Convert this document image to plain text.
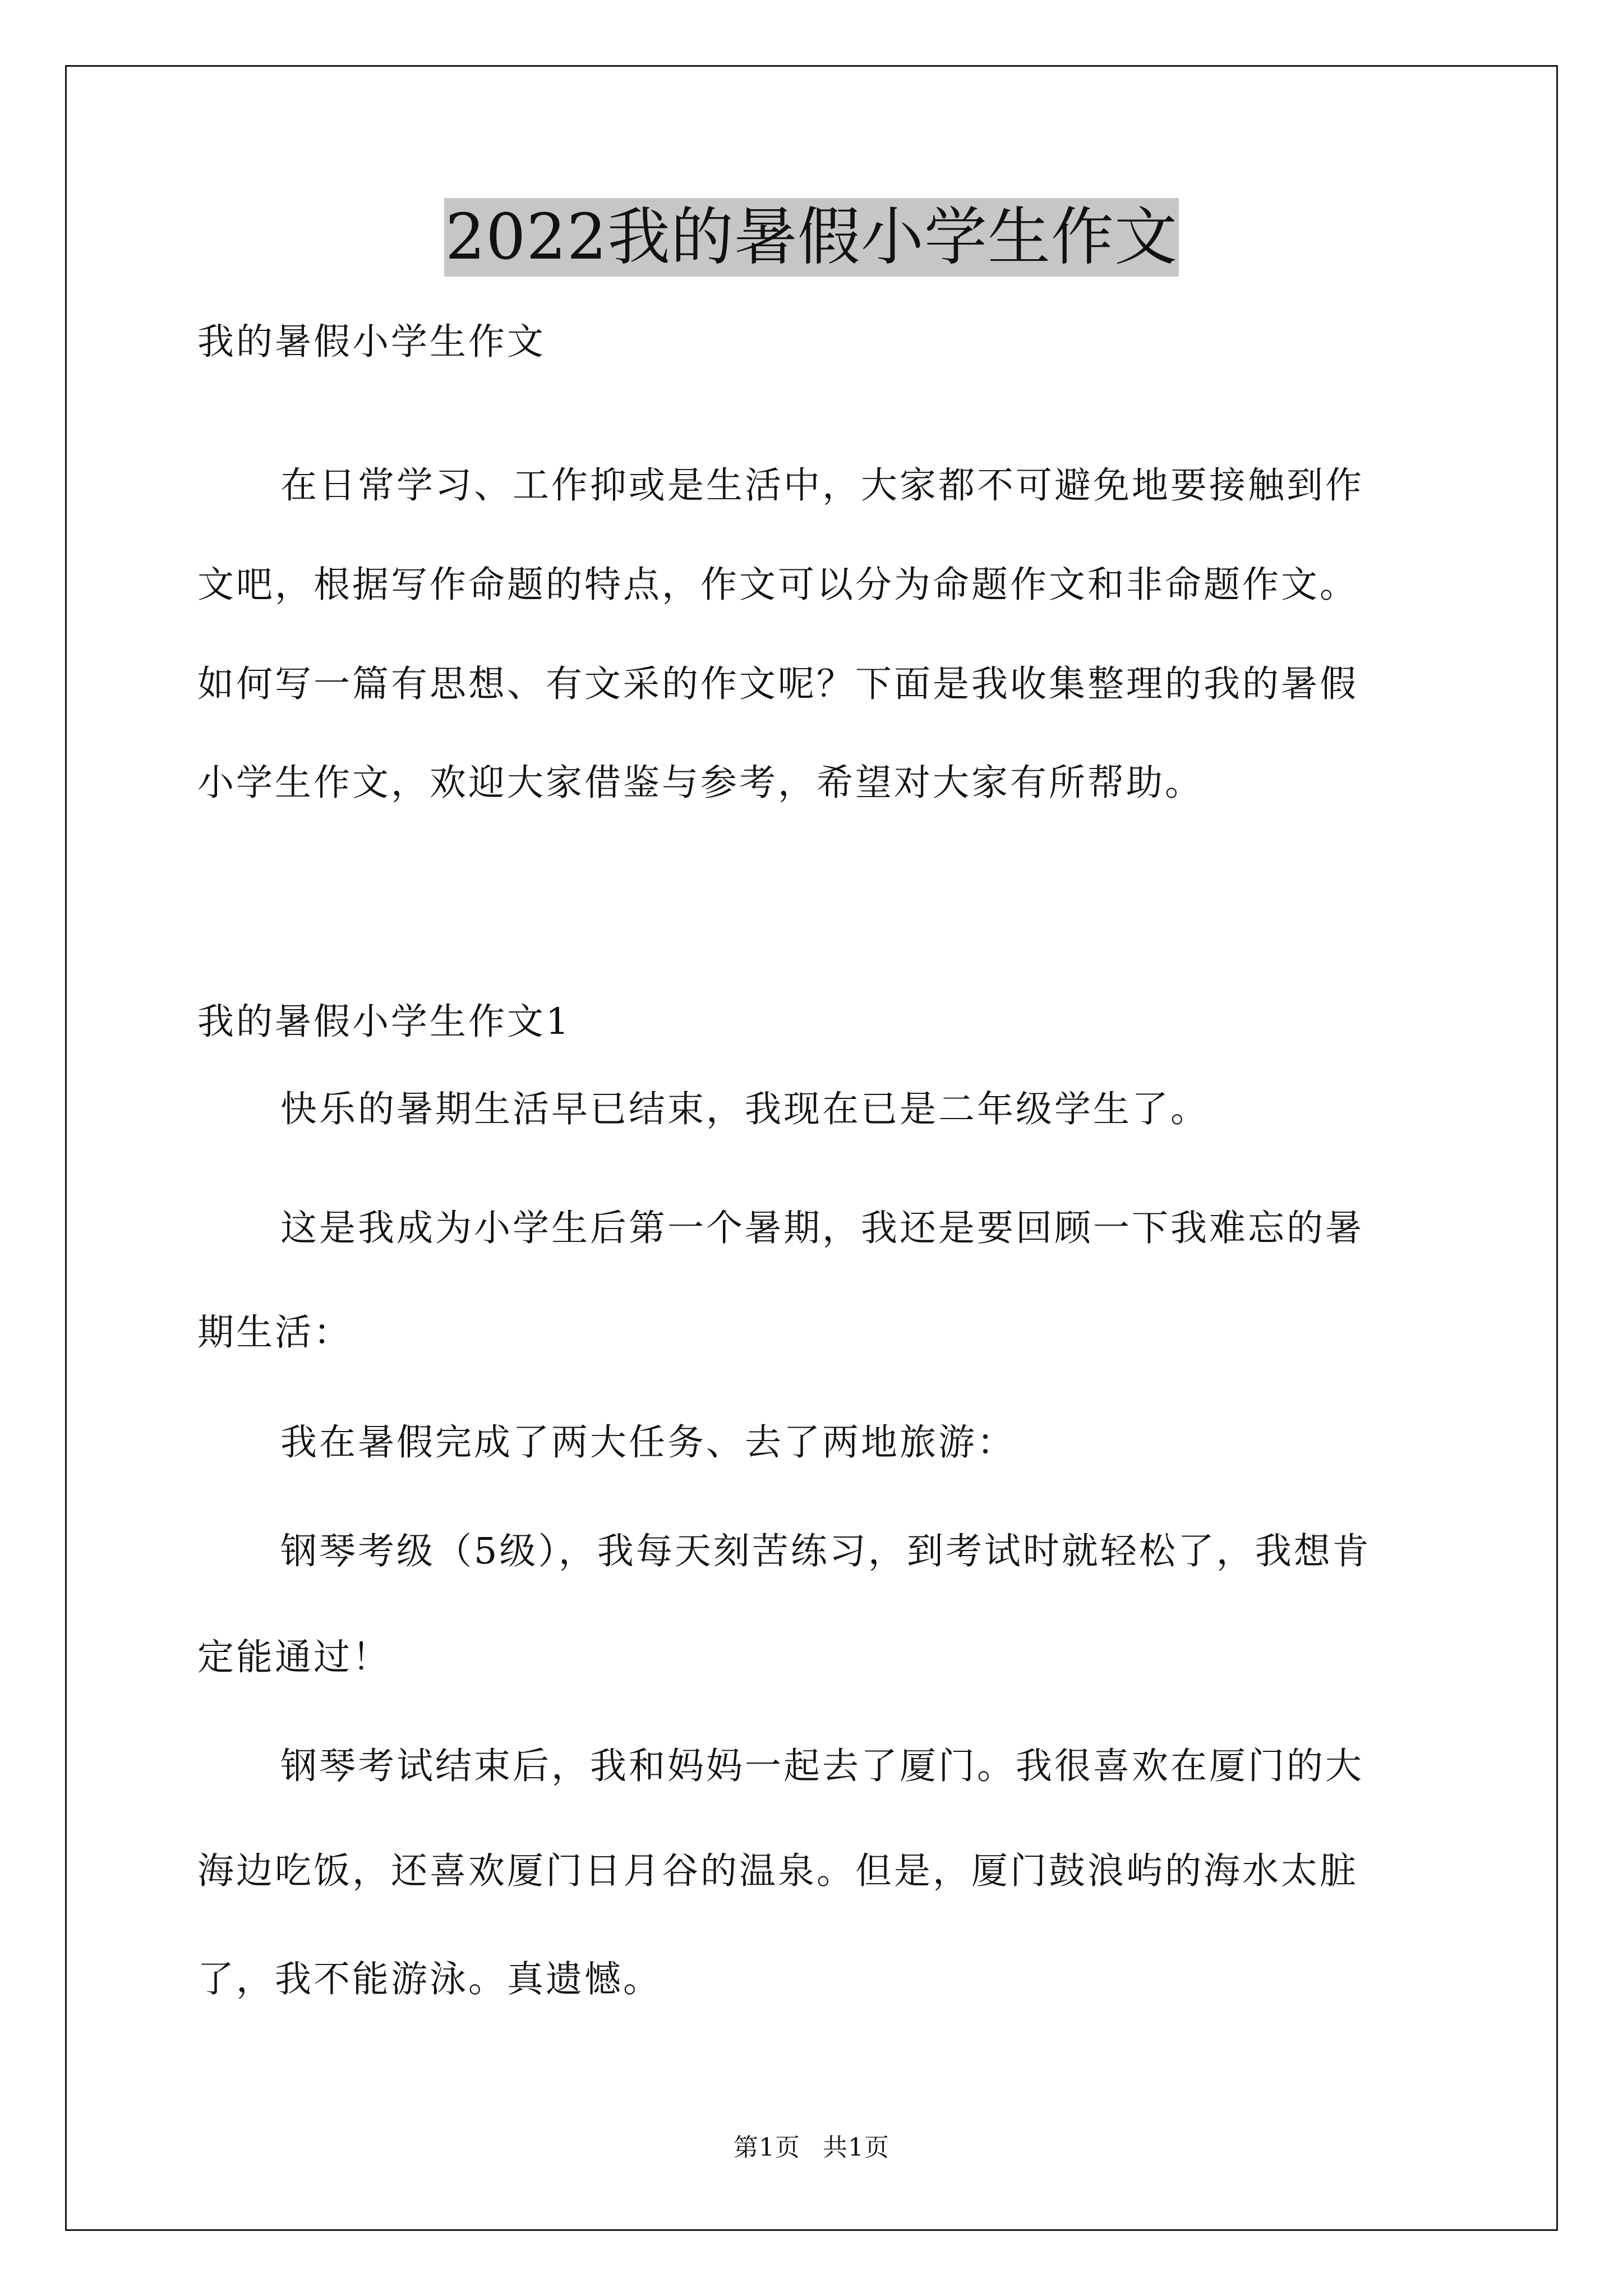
2022我的暑假小学生作文
我的暑假小学生作文
在日常学习、工作抑或是生活中，大家都不可避免地要接触到作
文吧，根据写作命题的特点，作文可以分为命题作文和非命题作文。
如何写一篇有思想、有文采的作文呢？下面是我收集整理的我的暑假
小学生作文，欢迎大家借鉴与参考，希望对大家有所帮助。
我的暑假小学生作文1
快乐的暑期生活早已结束，我现在已是二年级学生了。
这是我成为小学生后第一个暑期，我还是要回顾一下我难忘的暑
期生活：
我在暑假完成了两大任务、去了两地旅游：
钢琴考级（5级），我每天刻苦练习，到考试时就轻松了，我想肯
定能通过！
钢琴考试结束后，我和妈妈一起去了厦门。我很喜欢在厦门的大
海边吃饭，还喜欢厦门日月谷的温泉。但是，厦门鼓浪屿的海水太脏
了，我不能游泳。真遗憾。
第1页 共1页
